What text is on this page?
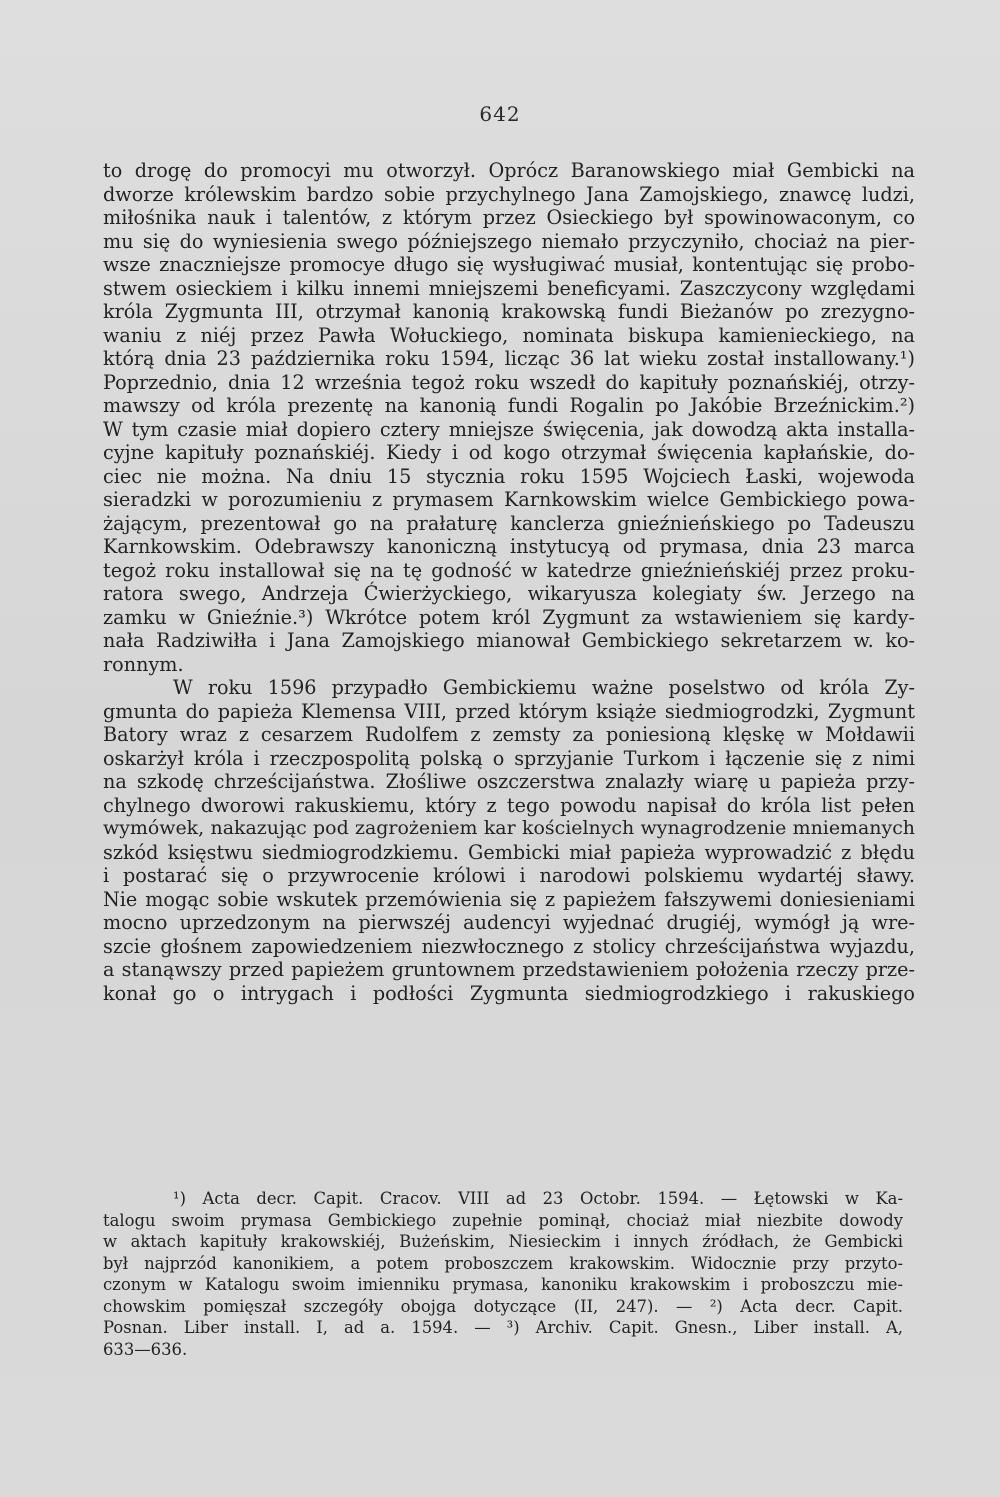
642
to drogę do promocyi mu otworzył. Oprócz Baranowskiego miał Gembicki na
dworze królewskim bardzo sobie przychylnego Jana Zamojskiego, znawcę ludzi,
miłośnika nauk i talentów, z którym przez Osieckiego był spowinowaconym, co
mu się do wyniesienia swego późniejszego niemało przyczyniło, chociaż na pier-
wsze znaczniejsze promocye długo się wysługiwać musiał, kontentując się probo-
stwem osieckiem i kilku innemi mniejszemi beneficyami. Zaszczycony względami
króla Zygmunta III, otrzymał kanonią krakowską fundi Bieżanów po zrezygno-
waniu z niéj przez Pawła Wołuckiego, nominata biskupa kamienieckiego, na
którą dnia 23 października roku 1594, licząc 36 lat wieku został installowany.¹)
Poprzednio, dnia 12 września tegoż roku wszedł do kapituły poznańskiéj, otrzy-
mawszy od króla prezentę na kanonią fundi Rogalin po Jakóbie Brzeźnickim.²)
W tym czasie miał dopiero cztery mniejsze święcenia, jak dowodzą akta installa-
cyjne kapituły poznańskiéj. Kiedy i od kogo otrzymał święcenia kapłańskie, do-
ciec nie można. Na dniu 15 stycznia roku 1595 Wojciech Łaski, wojewoda
sieradzki w porozumieniu z prymasem Karnkowskim wielce Gembickiego powa-
żającym, prezentował go na prałaturę kanclerza gnieźnieńskiego po Tadeuszu
Karnkowskim. Odebrawszy kanoniczną instytucyą od prymasa, dnia 23 marca
tegoż roku installował się na tę godność w katedrze gnieźnieńskiéj przez proku-
ratora swego, Andrzeja Ćwierżyckiego, wikaryusza kolegiaty św. Jerzego na
zamku w Gnieźnie.³) Wkrótce potem król Zygmunt za wstawieniem się kardy-
nała Radziwiłła i Jana Zamojskiego mianował Gembickiego sekretarzem w. ko-
ronnym.
W roku 1596 przypadło Gembickiemu ważne poselstwo od króla Zy-
gmunta do papieża Klemensa VIII, przed którym książe siedmiogrodzki, Zygmunt
Batory wraz z cesarzem Rudolfem z zemsty za poniesioną klęskę w Mołdawii
oskarżył króla i rzeczpospolitą polską o sprzyjanie Turkom i łączenie się z nimi
na szkodę chrześcijaństwa. Złośliwe oszczerstwa znalazły wiarę u papieża przy-
chylnego dworowi rakuskiemu, który z tego powodu napisał do króla list pełen
wymówek, nakazując pod zagrożeniem kar kościelnych wynagrodzenie mniemanych
szkód księstwu siedmiogrodzkiemu. Gembicki miał papieża wyprowadzić z błędu
i postarać się o przywrocenie królowi i narodowi polskiemu wydartéj sławy.
Nie mogąc sobie wskutek przemówienia się z papieżem fałszywemi doniesieniami
mocno uprzedzonym na pierwszéj audencyi wyjednać drugiéj, wymógł ją wre-
szcie głośnem zapowiedzeniem niezwłocznego z stolicy chrześcijaństwa wyjazdu,
a stanąwszy przed papieżem gruntownem przedstawieniem położenia rzeczy prze-
konał go o intrygach i podłości Zygmunta siedmiogrodzkiego i rakuskiego
¹) Acta decr. Capit. Cracov. VIII ad 23 Octobr. 1594. — Łętowski w Ka-
talogu swoim prymasa Gembickiego zupełnie pominął, chociaż miał niezbite dowody
w aktach kapituły krakowskiéj, Bużeńskim, Niesieckim i innych źródłach, że Gembicki
był najprzód kanonikiem, a potem proboszczem krakowskim. Widocznie przy przyto-
czonym w Katalogu swoim imienniku prymasa, kanoniku krakowskim i proboszczu mie-
chowskim pomięszał szczegóły obojga dotyczące (II, 247). — ²) Acta decr. Capit.
Posnan. Liber install. I, ad a. 1594. — ³) Archiv. Capit. Gnesn., Liber install. A,
633—636.
